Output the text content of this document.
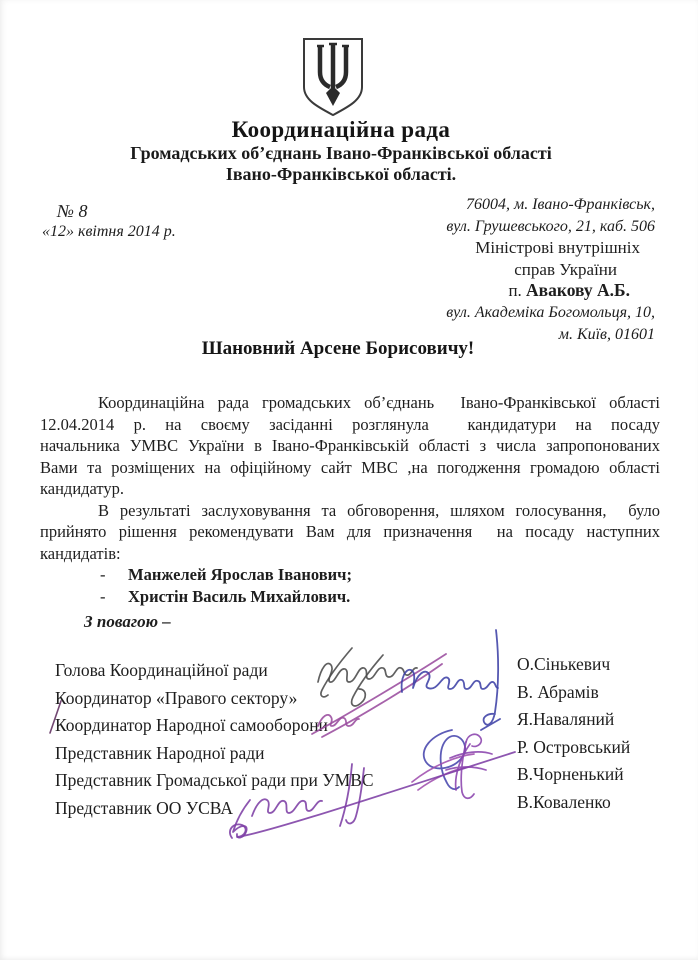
Координаційна рада
Громадських об’єднань Івано-Франківської області
Івано-Франківської області.
№ 8
«12» квітня 2014 р.
76004, м. Івано-Франківськ,
вул. Грушевського, 21, каб. 506
Міністрові внутрішніх
справ України
п. Авакову А.Б.
вул. Академіка Богомольця, 10,
м. Київ, 01601
Шановний Арсене Борисовичу!
Координаційна рада громадських об’єднань  Івано-Франківської області
12.04.2014 р. на своєму засіданні розглянула  кандидатури на посаду
начальника УМВС України в Івано-Франківській області з числа запропонованих
Вами та розміщених на офіційному сайт МВС ,на погодження громадою області
кандидатур.
В результаті заслуховування та обговорення, шляхом голосування,  було
прийнято рішення рекомендувати Вам для призначення  на посаду наступних
кандидатів:
- Манжелей Ярослав Іванович;
- Христін Василь Михайлович.
З повагою –
Голова Координаційної ради
Координатор «Правого сектору»
Координатор Народної самооборони
Представник Народної ради
Представник Громадської ради при УМВС
Представник ОО УСВА
О.Сінькевич
В. Абрамів
Я.Наваляний
Р. Островський
В.Чорненький
В.Коваленко
